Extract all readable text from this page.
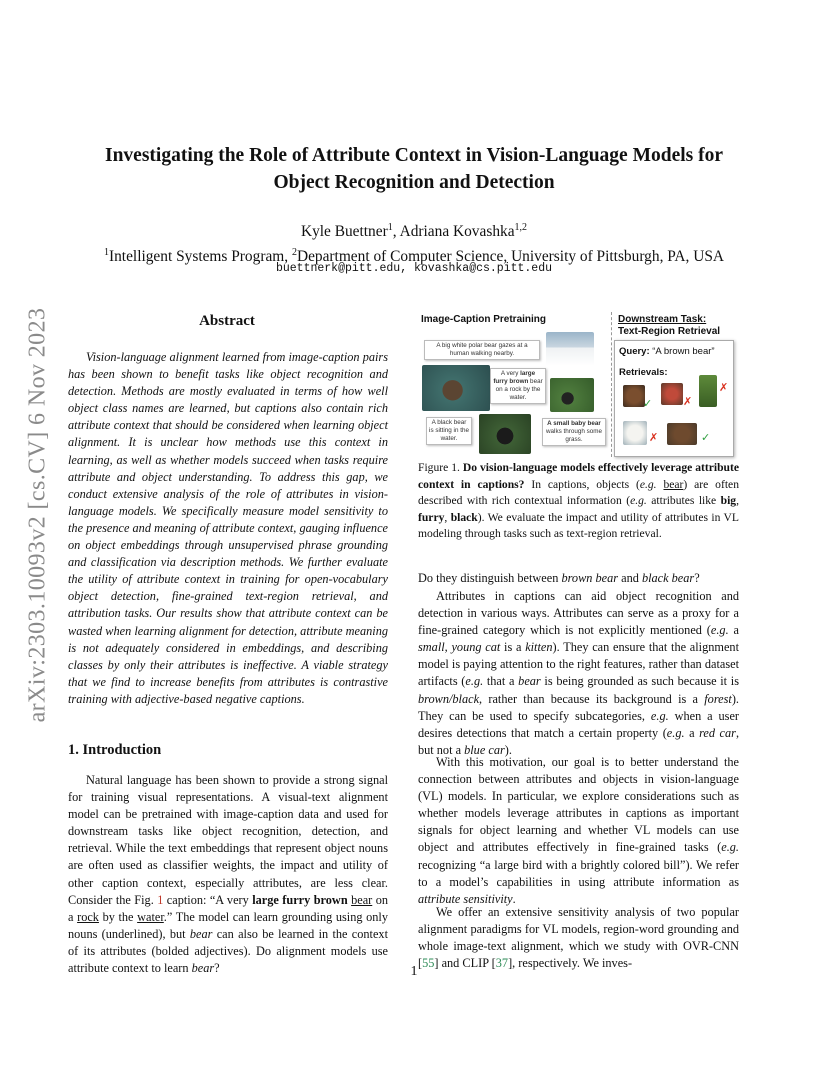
arXiv:2303.10093v2 [cs.CV] 6 Nov 2023
Investigating the Role of Attribute Context in Vision-Language Models for
Object Recognition and Detection
Kyle Buettner$^1$, Adriana Kovashka$^{1,2}$
$^1$Intelligent Systems Program, $^2$Department of Computer Science, University of Pittsburgh, PA, USA
buettnerk@pitt.edu, kovashka@cs.pitt.edu
Abstract

Vision-language alignment learned from image-caption pairs has been shown to benefit tasks like object recognition and detection. Methods are mostly evaluated in terms of how well object class names are learned, but captions also contain rich attribute context that should be considered when learning object alignment. It is unclear how methods use this context in learning, as well as whether models succeed when tasks require attribute and object understanding. To address this gap, we conduct extensive analysis of the role of attributes in vision-language models. We specifically measure model sensitivity to the presence and meaning of attribute context, gauging influence on object embeddings through unsupervised phrase grounding and classification via description methods. We further evaluate the utility of attribute context in training for open-vocabulary object detection, fine-grained text-region retrieval, and attribution tasks. Our results show that attribute context can be wasted when learning alignment for detection, attribute meaning is not adequately considered in embeddings, and describing classes by only their attributes is ineffective. A viable strategy that we find to increase benefits from attributes is contrastive training with adjective-based negative captions.

1. Introduction

Natural language has been shown to provide a strong signal for training visual representations. A visual-text alignment model can be pretrained with image-caption data and used for downstream tasks like object recognition, detection, and retrieval. While the text embeddings that represent object nouns are often used as classifier weights, the impact and utility of other caption context, especially attributes, are less clear. Consider the Fig. 1 caption: “A very large furry brown bear on a rock by the water.” The model can learn grounding using only nouns (underlined), but bear can also be learned in the context of its attributes (bolded adjectives). Do alignment models use attribute context to learn bear?

Image-Caption Pretraining	Downstream Task:
Text-Region Retrieval
A big white polar bear gazes at a human walking nearby.
A very large furry brown bear on a rock by the water.
A black bear is sitting in the water.
A small baby bear walks through some grass.
Query: “A brown bear”
Retrievals:
✓	✗
✗
✗	✓
Figure 1. Do vision-language models effectively leverage attribute context in captions? In captions, objects (e.g. bear) are often described with rich contextual information (e.g. attributes like big, furry, black). We evaluate the impact and utility of attributes in VL modeling through tasks such as text-region retrieval.

Do they distinguish between brown bear and black bear?

Attributes in captions can aid object recognition and detection in various ways. Attributes can serve as a proxy for a fine-grained category which is not explicitly mentioned (e.g. a small, young cat is a kitten). They can ensure that the alignment model is paying attention to the right features, rather than dataset artifacts (e.g. that a bear is being grounded as such because it is brown/black, rather than because its background is a forest). They can be used to specify subcategories, e.g. when a user desires detections that match a certain property (e.g. a red car, but not a blue car).

With this motivation, our goal is to better understand the connection between attributes and objects in vision-language (VL) models. In particular, we explore considerations such as whether models leverage attributes in captions as important signals for object learning and whether VL models can use object and attributes effectively in fine-grained tasks (e.g. recognizing “a large bird with a brightly colored bill”). We refer to a model’s capabilities in using attribute information as attribute sensitivity.

We offer an extensive sensitivity analysis of two popular alignment paradigms for VL models, region-word grounding and whole image-text alignment, which we study with OVR-CNN [55] and CLIP [37], respectively. We inves-

1
